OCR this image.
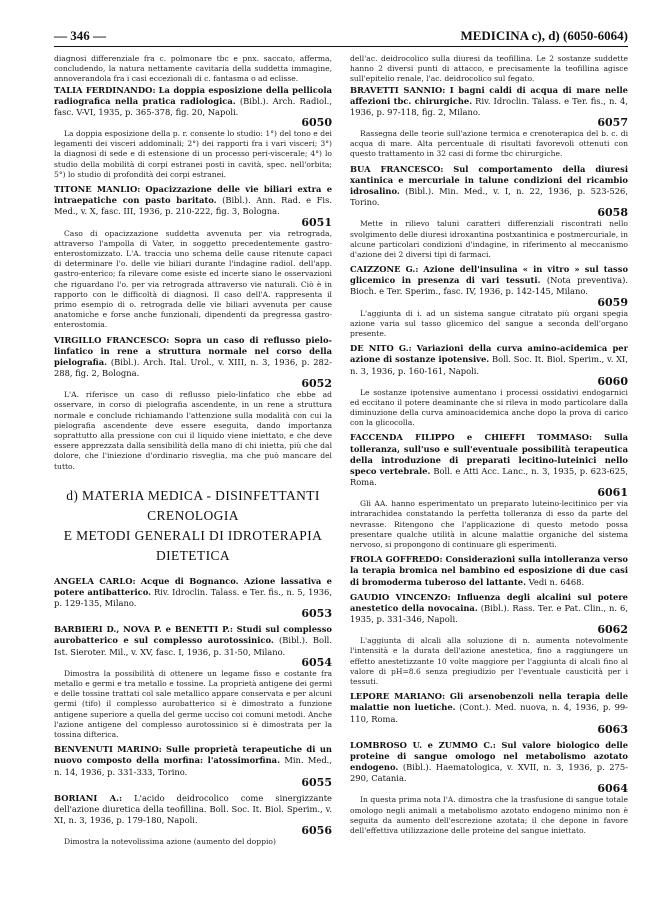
— 346 —	MEDICINA c), d) (6050-6064)

diagnosi differenziale fra c. polmonare tbc e pnx. saccato, afferma, concludendo, la natura nettamente cavitaria della suddetta immagine, annoverandola fra i casi eccezionali di c. fantasma o ad eclisse.

TALIA FERDINANDO: La doppia esposizione della pellicola radiografica nella pratica radiologica. (Bibl.). Arch. Radiol., fasc. V-VI, 1935, p. 365-378, fig. 20, Napoli.
6050

La doppia esposizione della p. r. consente lo studio: 1°) del tono e dei legamenti dei visceri addominali; 2°) dei rapporti fra i vari visceri; 3°) la diagnosi di sede e di estensione di un processo peri-viscerale; 4°) lo studio della mobilità di corpi estranei posti in cavità, spec. nell'orbita; 5°) lo studio di profondità dei corpi estranei.

TITONE MANLIO: Opacizzazione delle vie biliari extra e intraepatiche con pasto baritato. (Bibl.). Ann. Rad. e Fis. Med., v. X, fasc. III, 1936, p. 210-222, fig. 3, Bologna.
6051

Caso di opacizzazione suddetta avvenuta per via retrograda, attraverso l'ampolla di Vater, in soggetto precedentemente gastro-enterostomizzato. L'A. traccia uno schema delle cause ritenute capaci di determinare l'o. delle vie biliari durante l'indagine radiol. dell'app. gastro-enterico; fa rilevare come esiste ed incerte siano le osservazioni che riguardano l'o. per via retrograda attraverso vie naturali. Ciò è in rapporto con le difficoltà di diagnosi. Il caso dell'A. rappresenta il primo esempio di o. retrograda delle vie biliari avvenuta per cause anatomiche e forse anche funzionali, dipendenti da pregressa gastro-enterostomia.

VIRGILLO FRANCESCO: Sopra un caso di reflusso pielo-linfatico in rene a struttura normale nel corso della pielografia. (Bibl.). Arch. Ital. Urol., v. XIII, n. 3, 1936, p. 282-288, fig. 2, Bologna.
6052

L'A. riferisce un caso di reflusso pielo-linfatico che ebbe ad osservare, in corso di pielografia ascendente, in un rene a struttura normale e conclude richiamando l'attenzione sulla modalità con cui la pielografia ascendente deve essere eseguita, dando importanza soprattutto alla pressione con cui il liquido viene iniettato, e che deve essere apprezzata dalla sensibilità della mano di chi inietta, più che dal dolore, che l'iniezione d'ordinario risveglia, ma che può mancare del tutto.

d) MATERIA MEDICA - DISINFETTANTI
CRENOLOGIA
E METODI GENERALI DI IDROTERAPIA
DIETETICA
ANGELA CARLO: Acque di Bognanco. Azione lassativa e potere antibatterico. Riv. Idroclin. Talass. e Ter. fis., n. 5, 1936, p. 129-135, Milano.
6053
BARBIERI D., NOVA P. e BENETTI P.: Studi sul complesso aurobatterico e sul complesso aurotossinico. (Bibl.). Boll. Ist. Sieroter. Mil., v. XV, fasc. I, 1936, p. 31-50, Milano.
6054

Dimostra la possibilità di ottenere un legame fisso e costante fra metallo e germi e tra metallo e tossine. La proprietà antigene dei germi e delle tossine trattati col sale metallico appare conservata e per alcuni germi (tifo) il complesso aurobatterico si è dimostrato a funzione antigene superiore a quella del germe ucciso coi comuni metodi. Anche l'azione antigene del complesso aurotossinico si è dimostrata per la tossina difterica.

BENVENUTI MARINO: Sulle proprietà terapeutiche di un nuovo composto della morfina: l'atossimorfina. Min. Med., n. 14, 1936, p. 331-333, Torino.
6055
BORIANI A.: L'acido deidrocolico come sinergizzante dell'azione diuretica della teofillina. Boll. Soc. It. Biol. Sperim., v. XI, n. 3, 1936, p. 179-180, Napoli.
6056

Dimostra la notevolissima azione (aumento del doppio)

dell'ac. deidrocolico sulla diuresi da teofillina. Le 2 sostanze suddette hanno 2 diversi punti di attacco, e precisamente la teofillina agisce sull'epitelio renale, l'ac. deidrocolico sul fegato.

BRAVETTI SANNIO: I bagni caldi di acqua di mare nelle affezioni tbc. chirurgiche. Riv. Idroclin. Talass. e Ter. fis., n. 4, 1936, p. 97-118, fig. 2, Milano.
6057

Rassegna delle teorie sull'azione termica e crenoterapica del b. c. di acqua di mare. Alta percentuale di risultati favorevoli ottenuti con questo trattamento in 32 casi di forme tbc chirurgiche.

BUA FRANCESCO: Sul comportamento della diuresi xantinica e mercuriale in talune condizioni del ricambio idrosalino. (Bibl.). Min. Med., v. I, n. 22, 1936, p. 523-526, Torino.
6058

Mette in rilievo taluni caratteri differenziali riscontrati nello svolgimento delle diuresi idroxantina postxantinica e postmercuriale, in alcune particolari condizioni d'indagine, in riferimento al meccanismo d'azione dei 2 diversi tipi di farmaci.

CAIZZONE G.: Azione dell'insulina « in vitro » sul tasso glicemico in presenza di vari tessuti. (Nota preventiva). Bioch. e Ter. Sperim., fasc. IV, 1936, p. 142-145, Milano.
6059

L'aggiunta di i. ad un sistema sangue citratato più organi spegia azione varia sul tasso glicemico del sangue a seconda dell'organo presente.

DE NITO G.: Variazioni della curva amino-acidemica per azione di sostanze ipotensive. Boll. Soc. It. Biol. Sperim., v. XI, n. 3, 1936, p. 160-161, Napoli.
6060

Le sostanze ipotensive aumentano i processi ossidativi endogarnici ed eccitano il potere deaminante che si rileva in modo particolare dalla diminuzione della curva aminoacidemica anche dopo la prova di carico con la glicocolla.

FACCENDA FILIPPO e CHIEFFI TOMMASO: Sulla tolleranza, sull'uso e sull'eventuale possibilità terapeutica della introduzione di preparati lecitino-luteinici nello speco vertebrale. Boll. e Atti Acc. Lanc., n. 3, 1935, p. 623-625, Roma.
6061

Gli AA. hanno esperimentato un preparato luteino-lecitinico per via intrarachidea constatando la perfetta tolleranza di esso da parte del nevrasse. Ritengono che l'applicazione di questo metodo possa presentare qualche utilità in alcune malattie organiche del sistema nervoso, si propongono di continuare gli esperimenti.

FROLA GOFFREDO: Considerazioni sulla intolleranza verso la terapia bromica nel bambino ed esposizione di due casi di bromoderma tuberoso del lattante. Vedi n. 6468.
GAUDIO VINCENZO: Influenza degli alcalini sul potere anestetico della novocaina. (Bibl.). Rass. Ter. e Pat. Clin., n. 6, 1935, p. 331-346, Napoli.
6062

L'aggiunta di alcali alla soluzione di n. aumenta notevolmente l'intensità e la durata dell'azione anestetica, fino a raggiungere un effetto anestetizzante 10 volte maggiore per l'aggiunta di alcali fino al valore di pH=8.6 senza pregiudizio per l'eventuale causticità per i tessuti.

LEPORE MARIANO: Gli arsenobenzoli nella terapia delle malattie non luetiche. (Cont.). Med. nuova, n. 4, 1936, p. 99-110, Roma.
6063
LOMBROSO U. e ZUMMO C.: Sul valore biologico delle proteine di sangue omologo nel metabolismo azotato endogeno. (Bibl.). Haematologica, v. XVII, n. 3, 1936, p. 275-290, Catania.
6064

In questa prima nota l'A. dimostra che la trasfusione di sangue totale omologo negli animali a metabolismo azotato endogeno minimo non è seguita da aumento dell'escrezione azotata; il che depone in favore dell'effettiva utilizzazione delle proteine del sangue iniettato.
